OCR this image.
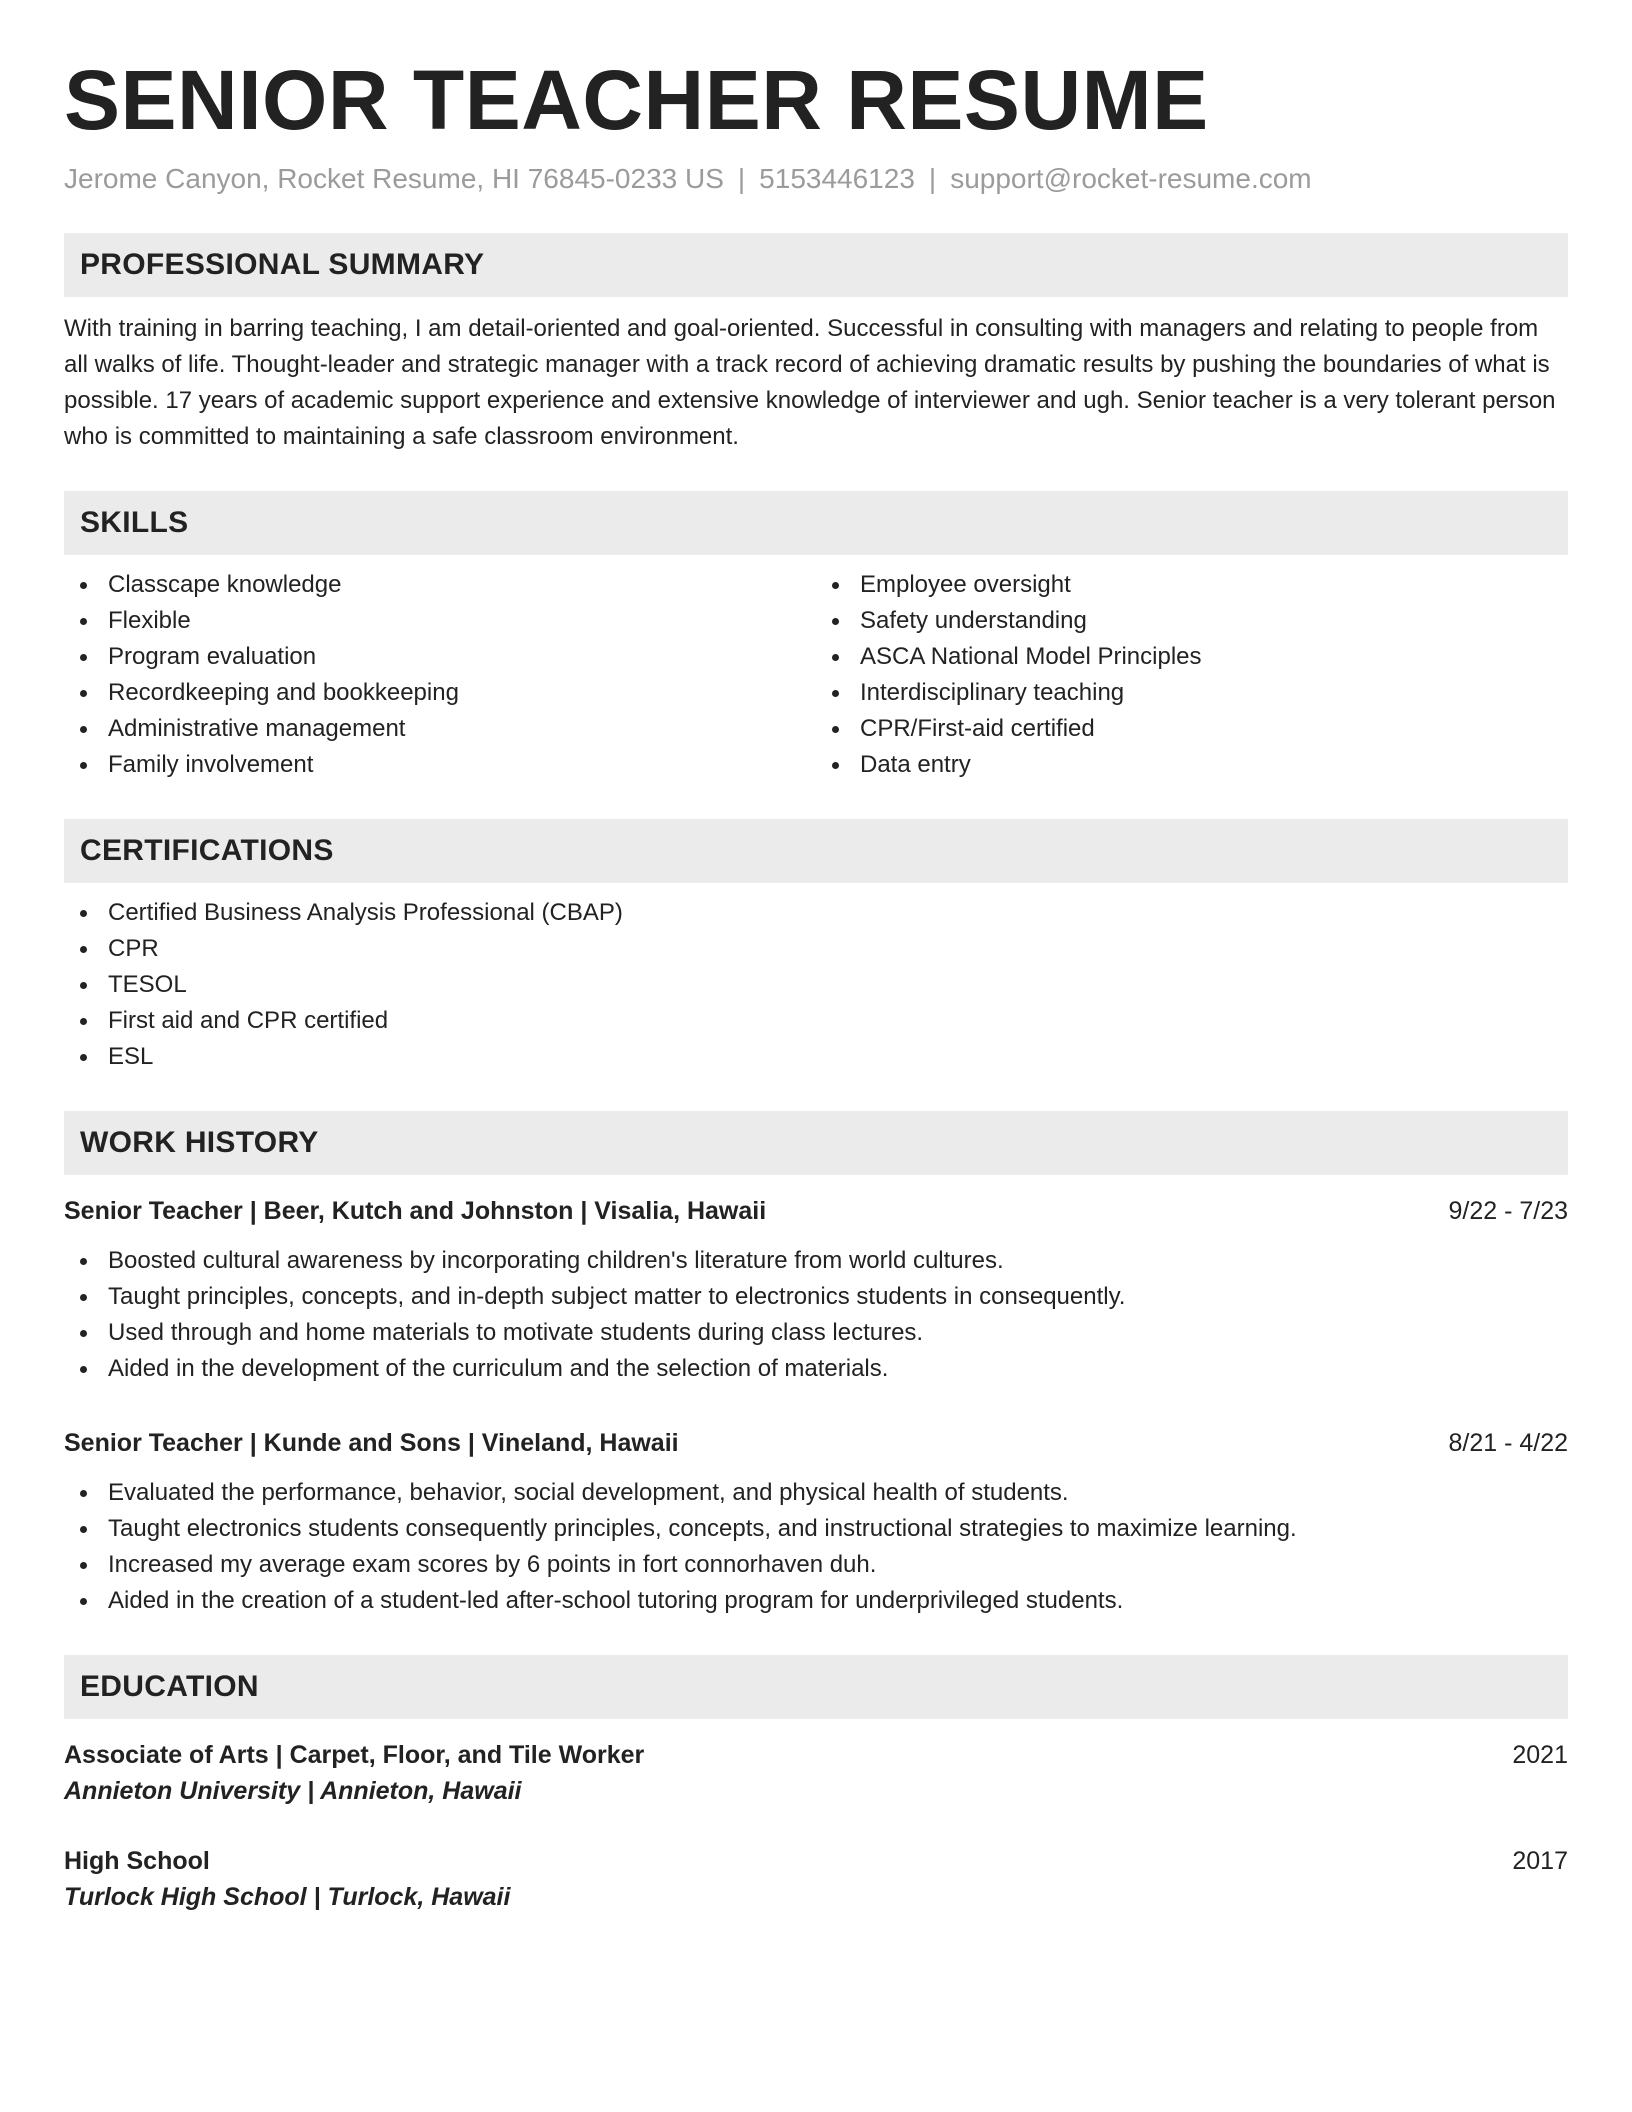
SENIOR TEACHER RESUME
Jerome Canyon, Rocket Resume, HI 76845-0233 US | 5153446123 | support@rocket-resume.com
PROFESSIONAL SUMMARY
With training in barring teaching, I am detail-oriented and goal-oriented. Successful in consulting with managers and relating to people from all walks of life. Thought-leader and strategic manager with a track record of achieving dramatic results by pushing the boundaries of what is possible. 17 years of academic support experience and extensive knowledge of interviewer and ugh. Senior teacher is a very tolerant person who is committed to maintaining a safe classroom environment.
SKILLS
Classcape knowledge
Flexible
Program evaluation
Recordkeeping and bookkeeping
Administrative management
Family involvement
Employee oversight
Safety understanding
ASCA National Model Principles
Interdisciplinary teaching
CPR/First-aid certified
Data entry
CERTIFICATIONS
Certified Business Analysis Professional (CBAP)
CPR
TESOL
First aid and CPR certified
ESL
WORK HISTORY
Senior Teacher | Beer, Kutch and Johnston | Visalia, Hawaii	9/22 - 7/23
Boosted cultural awareness by incorporating children's literature from world cultures.
Taught principles, concepts, and in-depth subject matter to electronics students in consequently.
Used through and home materials to motivate students during class lectures.
Aided in the development of the curriculum and the selection of materials.
Senior Teacher | Kunde and Sons | Vineland, Hawaii	8/21 - 4/22
Evaluated the performance, behavior, social development, and physical health of students.
Taught electronics students consequently principles, concepts, and instructional strategies to maximize learning.
Increased my average exam scores by 6 points in fort connorhaven duh.
Aided in the creation of a student-led after-school tutoring program for underprivileged students.
EDUCATION
Associate of Arts | Carpet, Floor, and Tile Worker	2021
Annieton University | Annieton, Hawaii
High School	2017
Turlock High School | Turlock, Hawaii
